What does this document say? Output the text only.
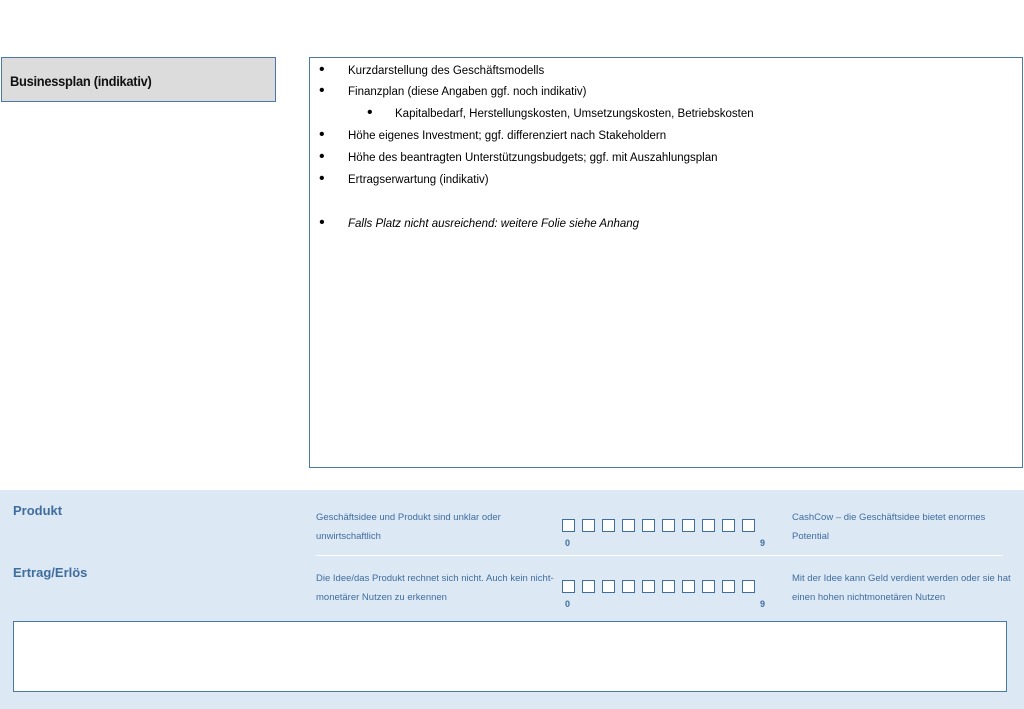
Businessplan (indikativ)
• Kurzdarstellung des Geschäftsmodells
• Finanzplan (diese Angaben ggf. noch indikativ)
• Kapitalbedarf, Herstellungskosten, Umsetzungskosten, Betriebskosten
• Höhe eigenes Investment; ggf. differenziert nach Stakeholdern
• Höhe des beantragten Unterstützungsbudgets; ggf. mit Auszahlungsplan
• Ertragserwartung (indikativ)
• Falls Platz nicht ausreichend: weitere Folie siehe Anhang
Produkt	Geschäftsidee und Produkt sind unklar oder unwirtschaftlich
0	9
CashCow – die Geschäftsidee bietet enormes Potential
Ertrag/Erlös	Die Idee/das Produkt rechnet sich nicht. Auch kein nicht-monetärer Nutzen zu erkennen
0	9
Mit der Idee kann Geld verdient werden oder sie hat einen hohen nichtmonetären Nutzen
